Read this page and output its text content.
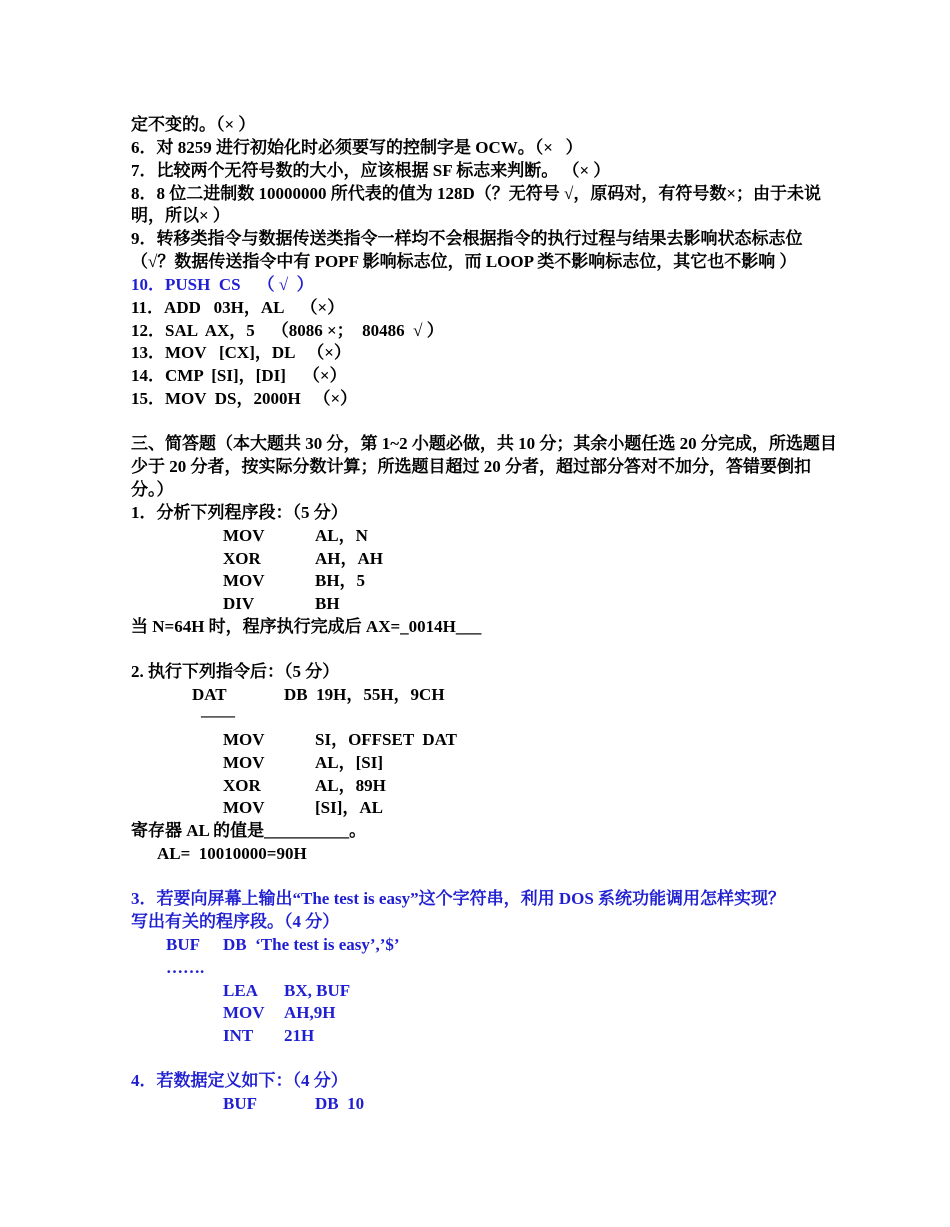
定不变的。（× ）
6．对 8259 进行初始化时必须要写的控制字是 OCW。（×   ）
7．比较两个无符号数的大小，应该根据 SF 标志来判断。 （× ）
8．8 位二进制数 10000000 所代表的值为 128D（？无符号 √，原码对，有符号数×；由于未说
明，所以× ）
9．转移类指令与数据传送类指令一样均不会根据指令的执行过程与结果去影响状态标志位
（√？数据传送指令中有 POPF 影响标志位，而 LOOP 类不影响标志位，其它也不影响 ）
10．PUSH  CS    （ √  ）
11．ADD   03H，AL    （×）
12．SAL  AX，5    （8086 ×；  80486  √ ）
13．MOV   [CX]，DL   （×）
14．CMP  [SI]，[DI]    （×）
15．MOV  DS，2000H   （×）
三、简答题（本大题共 30 分，第 1~2 小题必做，共 10 分；其余小题任选 20 分完成，所选题目
少于 20 分者，按实际分数计算；所选题目超过 20 分者，超过部分答对不加分，答错要倒扣
分。）
1．分析下列程序段：（5 分）
MOV	AL，N
XOR	AH，AH
MOV	BH，5
DIV	BH
当 N=64H 时，程序执行完成后 AX=_0014H___
2. 执行下列指令后：（5 分）
DAT	DB  19H，55H，9CH
——
MOV	SI，OFFSET  DAT
MOV	AL，[SI]
XOR	AL，89H
MOV	[SI]，AL
寄存器 AL 的值是__________。
AL=  10010000=90H
3．若要向屏幕上输出“The test is easy”这个字符串，利用 DOS 系统功能调用怎样实现？
写出有关的程序段。（4 分）
BUF DB  ‘The test is easy’,’$’
…….
LEA BX, BUF
MOV AH,9H
INT 21H
4．若数据定义如下：（4 分）
BUF	DB  10
